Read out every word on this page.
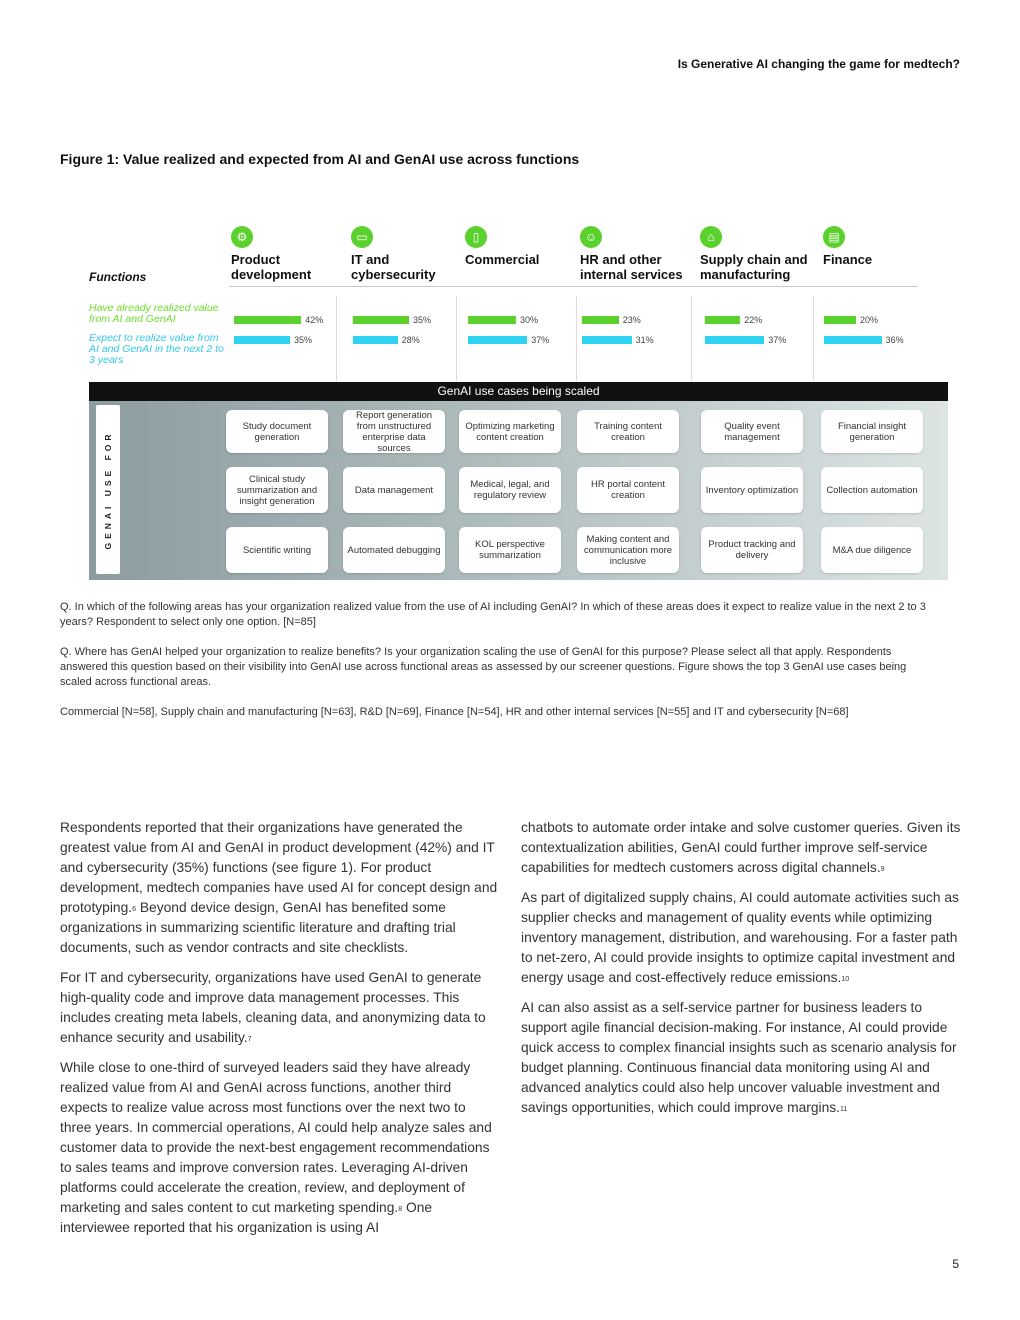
Is Generative AI changing the game for medtech?
Figure 1: Value realized and expected from AI and GenAI use across functions
Functions
Have already realized value from AI and GenAI
Expect to realize value from AI and GenAI in the next 2 to 3 years
⚙
Product development
▭
IT and cybersecurity
▯
Commercial
☺
HR and other internal services
⌂
Supply chain and manufacturing
▤
Finance
42%	35%	30%	23%	22%	20%
35%	28%	37%	31%	37%	36%
GenAI use cases being scaled
GENAI USE FOR
Study document generation
Clinical study summarization and insight generation
Scientific writing
Report generation from unstructured enterprise data sources
Data management
Automated debugging
Optimizing marketing content creation
Medical, legal, and regulatory review
KOL perspective summarization
Training content creation
HR portal content creation
Making content and communication more inclusive
Quality event management
Inventory optimization
Product tracking and delivery
Financial insight generation
Collection automation
M&A due diligence
Q. In which of the following areas has your organization realized value from the use of AI including GenAI? In which of these areas does it expect to realize value in the next 2 to 3 years? Respondent to select only one option. [N=85]
Q. Where has GenAI helped your organization to realize benefits? Is your organization scaling the use of GenAI for this purpose? Please select all that apply. Respondents answered this question based on their visibility into GenAI use across functional areas as assessed by our screener questions. Figure shows the top 3 GenAI use cases being scaled across functional areas.
Commercial [N=58], Supply chain and manufacturing [N=63], R&D [N=69], Finance [N=54], HR and other internal services [N=55] and IT and cybersecurity [N=68]

Respondents reported that their organizations have generated the greatest value from AI and GenAI in product development (42%) and IT and cybersecurity (35%) functions (see figure 1). For product development, medtech companies have used AI for concept design and prototyping.$^6$ Beyond device design, GenAI has benefited some organizations in summarizing scientific literature and drafting trial documents, such as vendor contracts and site checklists.

For IT and cybersecurity, organizations have used GenAI to generate high-quality code and improve data management processes. This includes creating meta labels, cleaning data, and anonymizing data to enhance security and usability.$^7$

While close to one-third of surveyed leaders said they have already realized value from AI and GenAI across functions, another third expects to realize value across most functions over the next two to three years. In commercial operations, AI could help analyze sales and customer data to provide the next-best engagement recommendations to sales teams and improve conversion rates. Leveraging AI-driven platforms could accelerate the creation, review, and deployment of marketing and sales content to cut marketing spending.$^8$ One interviewee reported that his organization is using AI

chatbots to automate order intake and solve customer queries. Given its contextualization abilities, GenAI could further improve self-service capabilities for medtech customers across digital channels.$^9$

As part of digitalized supply chains, AI could automate activities such as supplier checks and management of quality events while optimizing inventory management, distribution, and warehousing. For a faster path to net-zero, AI could provide insights to optimize capital investment and energy usage and cost-effectively reduce emissions.$^{10}$

AI can also assist as a self-service partner for business leaders to support agile financial decision-making. For instance, AI could provide quick access to complex financial insights such as scenario analysis for budget planning. Continuous financial data monitoring using AI and advanced analytics could also help uncover valuable investment and savings opportunities, which could improve margins.$^{11}$

5
